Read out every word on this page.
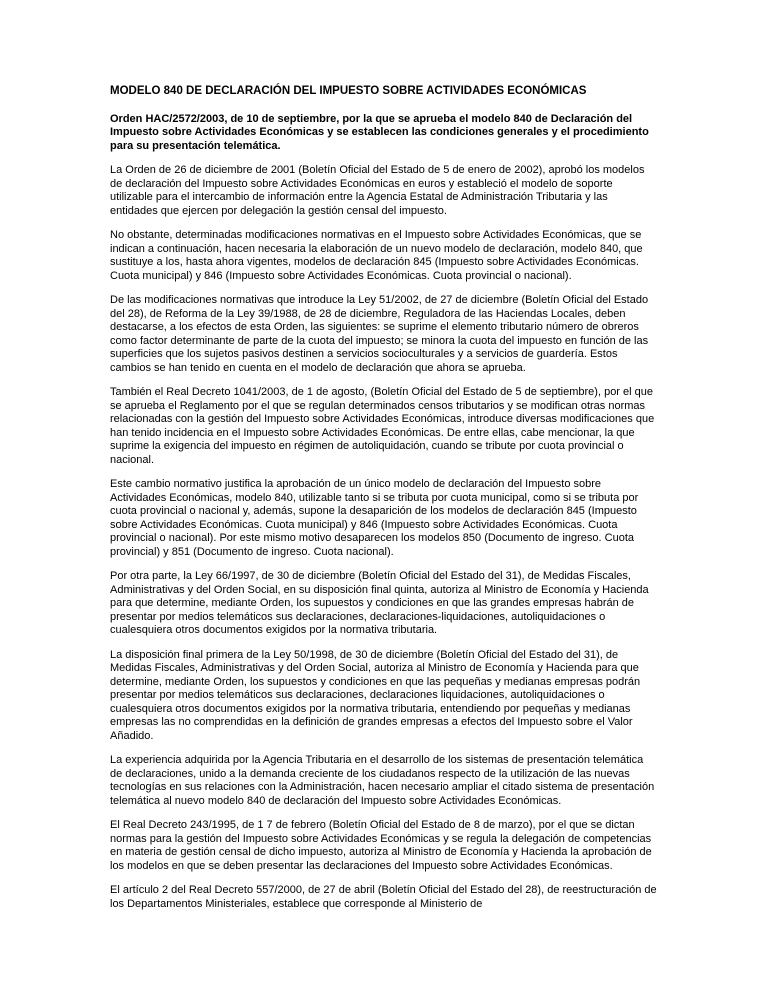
MODELO 840 DE DECLARACIÓN DEL IMPUESTO SOBRE ACTIVIDADES ECONÓMICAS

Orden HAC/2572/2003, de 10 de septiembre, por la que se aprueba el modelo 840 de Declaración del Impuesto sobre Actividades Económicas y se establecen las condiciones generales y el procedimiento para su presentación telemática.

La Orden de 26 de diciembre de 2001 (Boletín Oficial del Estado de 5 de enero de 2002), aprobó los modelos de declaración del Impuesto sobre Actividades Económicas en euros y estableció el modelo de soporte utilizable para el intercambio de información entre la Agencia Estatal de Administración Tributaria y las entidades que ejercen por delegación la gestión censal del impuesto.

No obstante, determinadas modificaciones normativas en el Impuesto sobre Actividades Económicas, que se indican a continuación, hacen necesaria la elaboración de un nuevo modelo de declaración, modelo 840, que sustituye a los, hasta ahora vigentes, modelos de declaración 845 (Impuesto sobre Actividades Económicas. Cuota municipal) y 846 (Impuesto sobre Actividades Económicas. Cuota provincial o nacional).

De las modificaciones normativas que introduce la Ley 51/2002, de 27 de diciembre (Boletín Oficial del Estado del 28), de Reforma de la Ley 39/1988, de 28 de diciembre, Reguladora de las Haciendas Locales, deben destacarse, a los efectos de esta Orden, las siguientes: se suprime el elemento tributario número de obreros como factor determinante de parte de la cuota del impuesto; se minora la cuota del impuesto en función de las superficies que los sujetos pasivos destinen a servicios socioculturales y a servicios de guardería. Estos cambios se han tenido en cuenta en el modelo de declaración que ahora se aprueba.

También el Real Decreto 1041/2003, de 1 de agosto, (Boletín Oficial del Estado de 5 de septiembre), por el que se aprueba el Reglamento por el que se regulan determinados censos tributarios y se modifican otras normas relacionadas con la gestión del Impuesto sobre Actividades Económicas, introduce diversas modificaciones que han tenido incidencia en el Impuesto sobre Actividades Económicas. De entre ellas, cabe mencionar, la que suprime la exigencia del impuesto en régimen de autoliquidación, cuando se tribute por cuota provincial o nacional.

Este cambio normativo justifica la aprobación de un único modelo de declaración del Impuesto sobre Actividades Económicas, modelo 840, utilizable tanto si se tributa por cuota municipal, como si se tributa por cuota provincial o nacional y, además, supone la desaparición de los modelos de declaración 845 (Impuesto sobre Actividades Económicas. Cuota municipal) y 846 (Impuesto sobre Actividades Económicas. Cuota provincial o nacional). Por este mismo motivo desaparecen los modelos 850 (Documento de ingreso. Cuota provincial) y 851 (Documento de ingreso. Cuota nacional).

Por otra parte, la Ley 66/1997, de 30 de diciembre (Boletín Oficial del Estado del 31), de Medidas Fiscales, Administrativas y del Orden Social, en su disposición final quinta, autoriza al Ministro de Economía y Hacienda para que determine, mediante Orden, los supuestos y condiciones en que las grandes empresas habrán de presentar por medios telemáticos sus declaraciones, declaraciones-liquidaciones, autoliquidaciones o cualesquiera otros documentos exigidos por la normativa tributaria.

La disposición final primera de la Ley 50/1998, de 30 de diciembre (Boletín Oficial del Estado del 31), de Medidas Fiscales, Administrativas y del Orden Social, autoriza al Ministro de Economía y Hacienda para que determine, mediante Orden, los supuestos y condiciones en que las pequeñas y medianas empresas podrán presentar por medios telemáticos sus declaraciones, declaraciones liquidaciones, autoliquidaciones o cualesquiera otros documentos exigidos por la normativa tributaria, entendiendo por pequeñas y medianas empresas las no comprendidas en la definición de grandes empresas a efectos del Impuesto sobre el Valor Añadido.

La experiencia adquirida por la Agencia Tributaria en el desarrollo de los sistemas de presentación telemática de declaraciones, unido a la demanda creciente de los ciudadanos respecto de la utilización de las nuevas tecnologías en sus relaciones con la Administración, hacen necesario ampliar el citado sistema de presentación telemática al nuevo modelo 840 de declaración del Impuesto sobre Actividades Económicas.

El Real Decreto 243/1995, de 1 7 de febrero (Boletín Oficial del Estado de 8 de marzo), por el que se dictan normas para la gestión del Impuesto sobre Actividades Económicas y se regula la delegación de competencias en materia de gestión censal de dicho impuesto, autoriza al Ministro de Economía y Hacienda la aprobación de los modelos en que se deben presentar las declaraciones del Impuesto sobre Actividades Económicas.

El artículo 2 del Real Decreto 557/2000, de 27 de abril (Boletín Oficial del Estado del 28), de reestructuración de los Departamentos Ministeriales, establece que corresponde al Ministerio de
